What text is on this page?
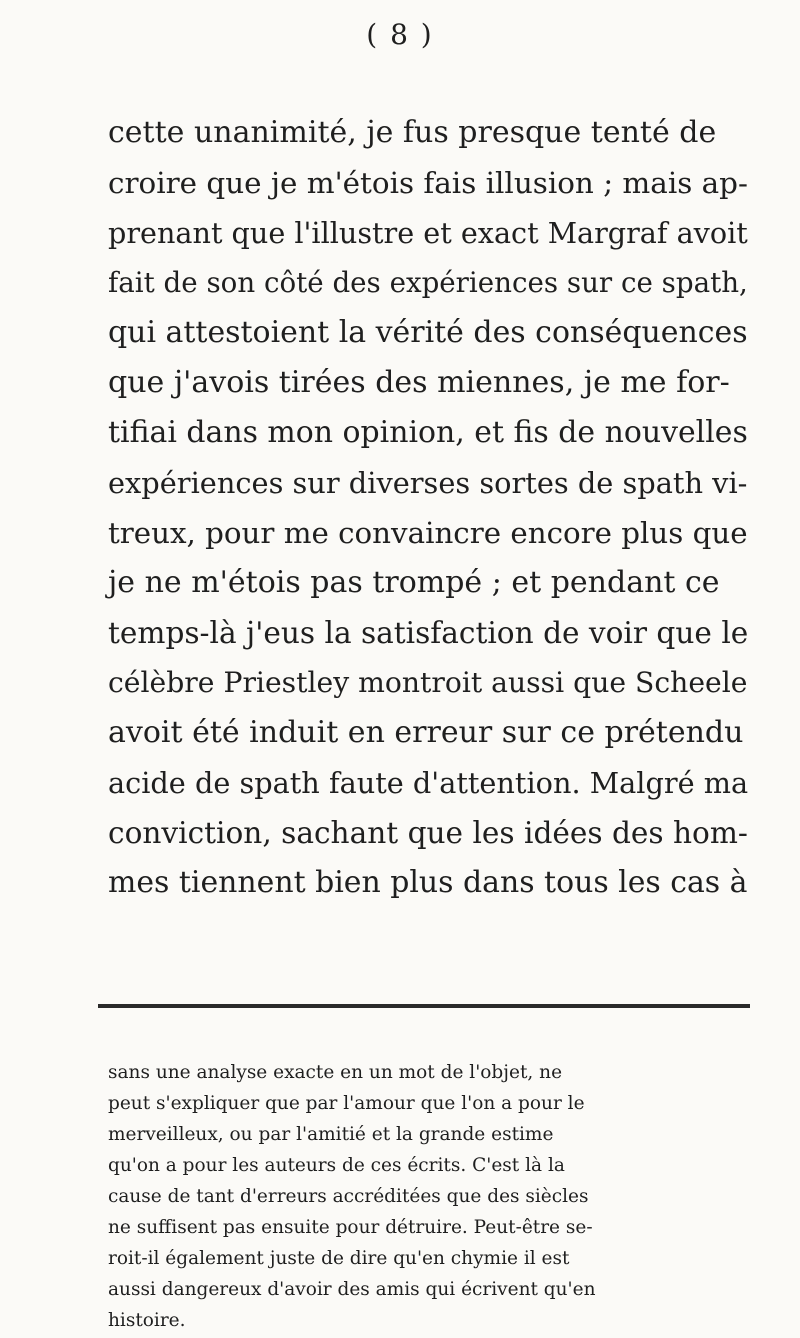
( 8 )
cette unanimité, je fus presque tenté de
croire que je m'étois fais illusion ; mais ap-
prenant que l'illustre et exact Margraf avoit
fait de son côté des expériences sur ce spath,
qui attestoient la vérité des conséquences
que j'avois tirées des miennes, je me for-
tifiai dans mon opinion, et fis de nouvelles
expériences sur diverses sortes de spath vi-
treux, pour me convaincre encore plus que
je ne m'étois pas trompé ; et pendant ce
temps-là j'eus la satisfaction de voir que le
célèbre Priestley montroit aussi que Scheele
avoit été induit en erreur sur ce prétendu
acide de spath faute d'attention. Malgré ma
conviction, sachant que les idées des hom-
mes tiennent bien plus dans tous les cas à
sans une analyse exacte en un mot de l'objet, ne
peut s'expliquer que par l'amour que l'on a pour le
merveilleux, ou par l'amitié et la grande estime
qu'on a pour les auteurs de ces écrits. C'est là la
cause de tant d'erreurs accréditées que des siècles
ne suffisent pas ensuite pour détruire. Peut-être se-
roit-il également juste de dire qu'en chymie il est
aussi dangereux d'avoir des amis qui écrivent qu'en
histoire.
